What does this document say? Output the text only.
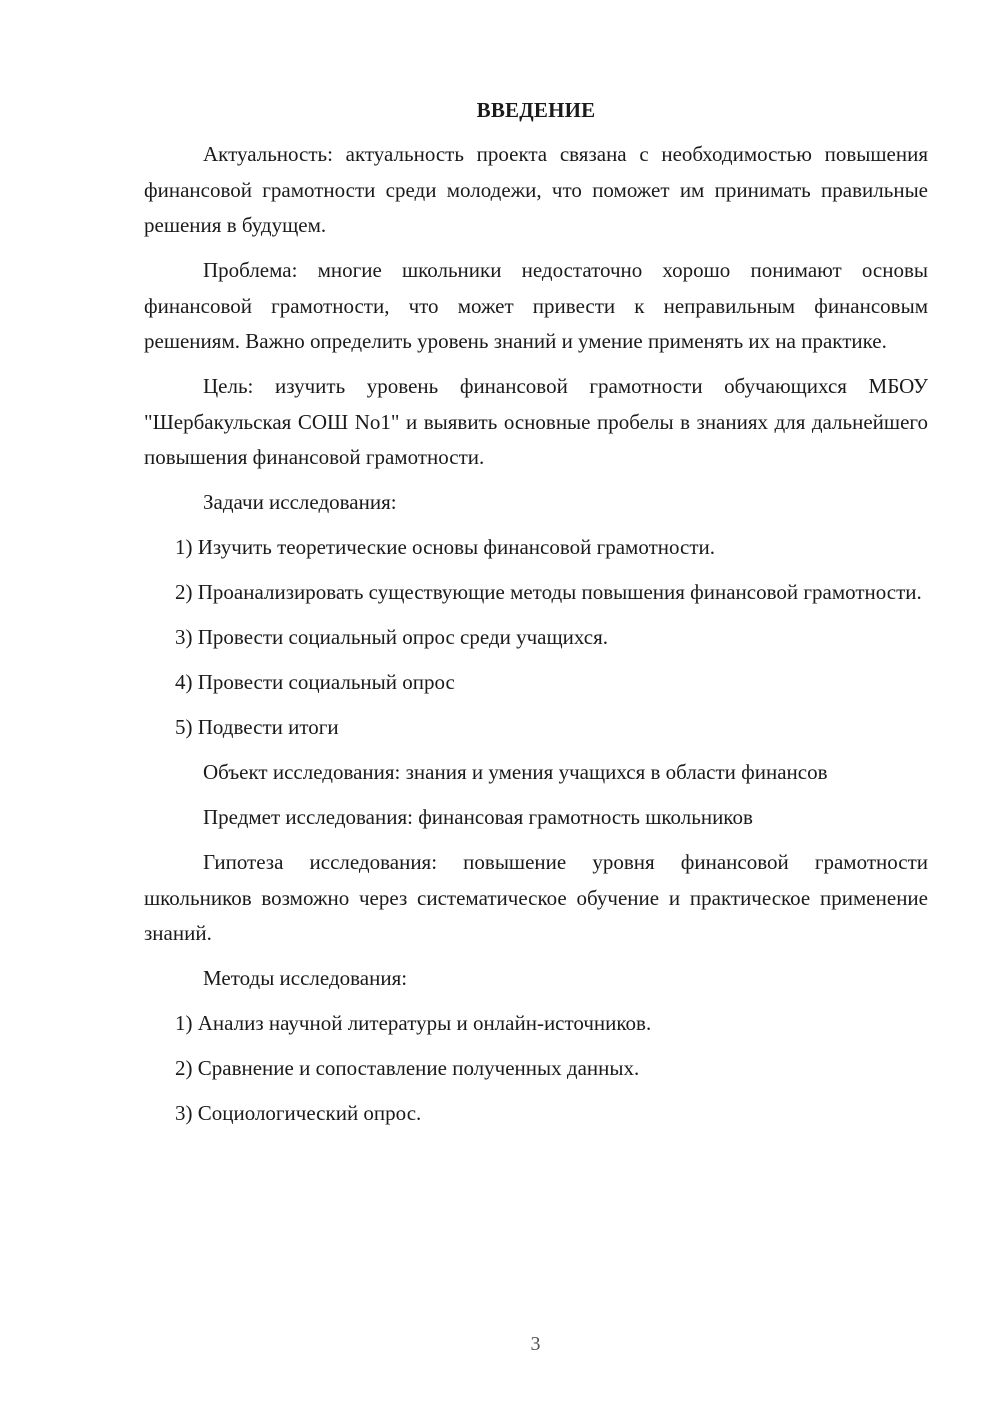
ВВЕДЕНИЕ

Актуальность: актуальность проекта связана с необходимостью повышения финансовой грамотности среди молодежи, что поможет им принимать правильные решения в будущем.

Проблема: многие школьники недостаточно хорошо понимают основы финансовой грамотности, что может привести к неправильным финансовым решениям. Важно определить уровень знаний и умение применять их на практике.

Цель: изучить уровень финансовой грамотности обучающихся МБОУ "Шербакульская СОШ No1" и выявить основные пробелы в знаниях для дальнейшего повышения финансовой грамотности.

Задачи исследования:

1) Изучить теоретические основы финансовой грамотности.

2) Проанализировать существующие методы повышения финансовой грамотности.

3) Провести социальный опрос среди учащихся.

4) Провести социальный опрос

5) Подвести итоги

Объект исследования: знания и умения учащихся в области финансов

Предмет исследования: финансовая грамотность школьников

Гипотеза исследования: повышение уровня финансовой грамотности школьников возможно через систематическое обучение и практическое применение знаний.

Методы исследования:

1) Анализ научной литературы и онлайн-источников.

2) Сравнение и сопоставление полученных данных.

3) Социологический опрос.

3
